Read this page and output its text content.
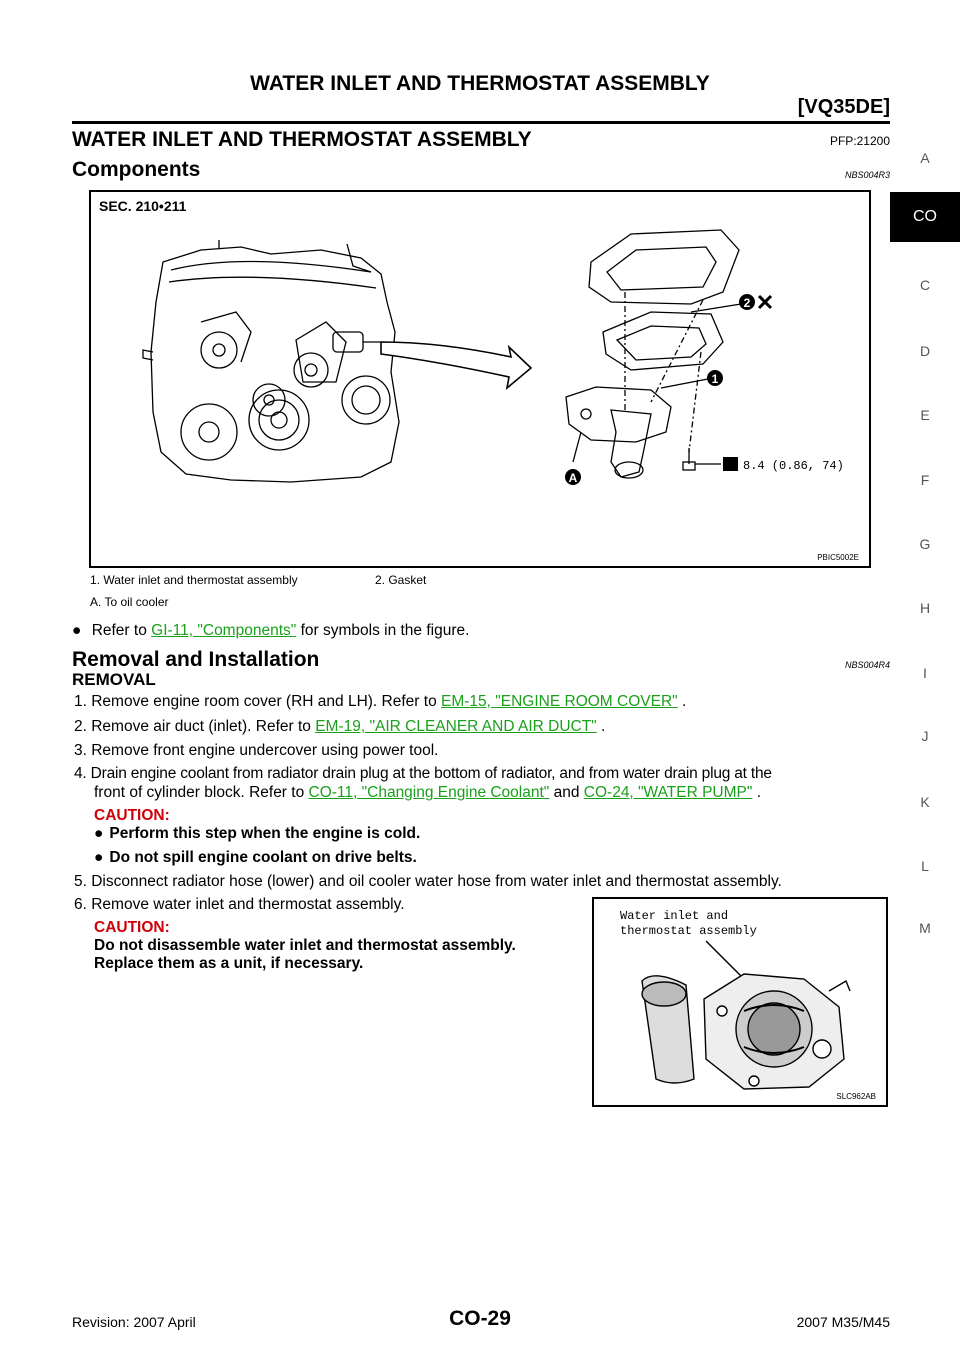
WATER INLET AND THERMOSTAT ASSEMBLY
[VQ35DE]
WATER INLET AND THERMOSTAT ASSEMBLY	PFP:21200
A
CO
C
D
E
F
G
H
I
J
K
L
M
Components	NBS004R3
SEC. 210•211
2
1
A
8.4 (0.86, 74)
PBIC5002E
1. Water inlet and thermostat assembly	2. Gasket
A. To oil cooler
● Refer to GI-11, "Components" for symbols in the figure.
Removal and Installation	NBS004R4
REMOVAL
1. Remove engine room cover (RH and LH). Refer to EM-15, "ENGINE ROOM COVER" .
2. Remove air duct (inlet). Refer to EM-19, "AIR CLEANER AND AIR DUCT" .
3. Remove front engine undercover using power tool.
4. Drain engine coolant from radiator drain plug at the bottom of radiator, and from water drain plug at the
front of cylinder block. Refer to CO-11, "Changing Engine Coolant" and CO-24, "WATER PUMP" .
CAUTION:
● Perform this step when the engine is cold.
● Do not spill engine coolant on drive belts.
5. Disconnect radiator hose (lower) and oil cooler water hose from water inlet and thermostat assembly.
6. Remove water inlet and thermostat assembly.
CAUTION:
Do not disassemble water inlet and thermostat assembly.
Replace them as a unit, if necessary.
Water inlet and
thermostat assembly
SLC962AB
Revision: 2007 April	CO-29	2007 M35/M45
